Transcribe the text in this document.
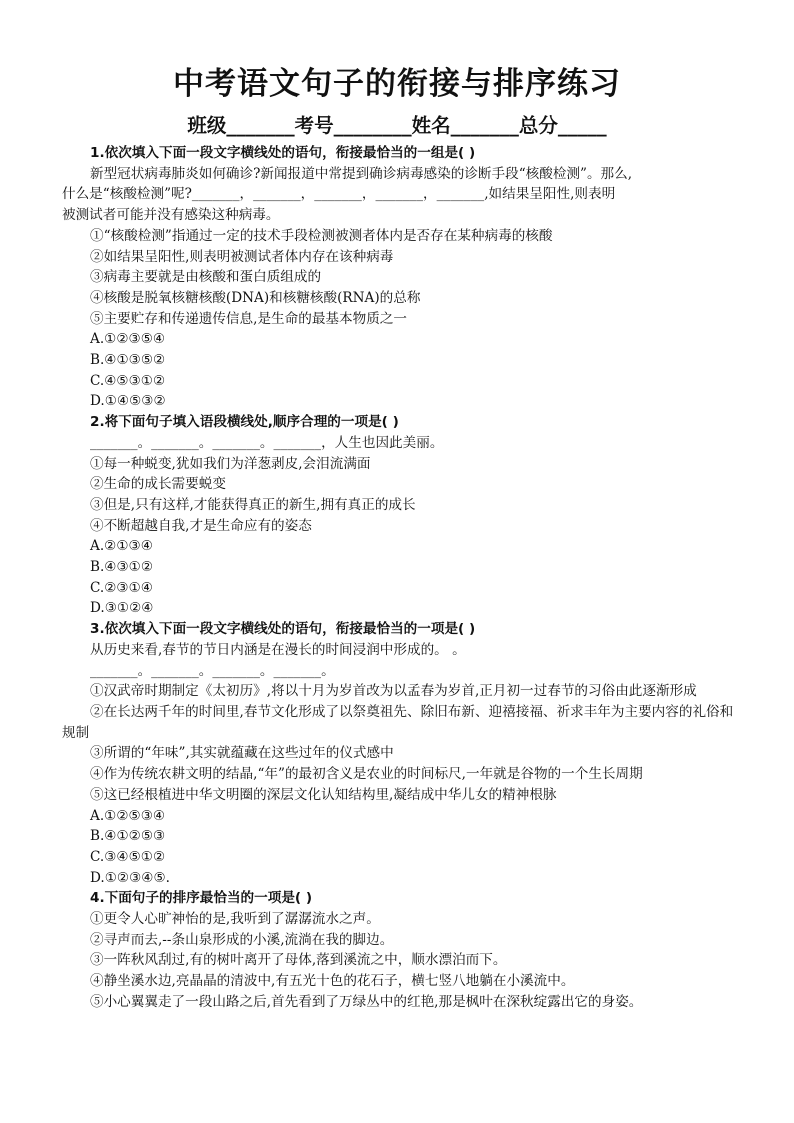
中考语文句子的衔接与排序练习
班级_______考号________姓名_______总分_____
1.依次填入下面一段文字横线处的语句，衔接最恰当的一组是( )
新型冠状病毒肺炎如何确诊?新闻报道中常提到确诊病毒感染的诊断手段“核酸检测”。那么,
什么是“核酸检测”呢?_______，_______，_______，_______，_______,如结果呈阳性,则表明
被测试者可能并没有感染这种病毒。
①“核酸检测”指通过一定的技术手段检测被测者体内是否存在某种病毒的核酸
②如结果呈阳性,则表明被测试者体内存在该种病毒
③病毒主要就是由核酸和蛋白质组成的
④核酸是脱氧核糖核酸(DNA)和核糖核酸(RNA)的总称
⑤主要贮存和传递遗传信息,是生命的最基本物质之一
A.①②③⑤④
B.④①③⑤②
C.④⑤③①②
D.①④⑤③②
2.将下面句子填入语段横线处,顺序合理的一项是( )
_______。_______。_______。_______，人生也因此美丽。
①每一种蜕变,犹如我们为洋葱剥皮,会泪流满面
②生命的成长需要蜕变
③但是,只有这样,才能获得真正的新生,拥有真正的成长
④不断超越自我,才是生命应有的姿态
A.②①③④
B.④③①②
C.②③①④
D.③①②④
3.依次填入下面一段文字横线处的语句，衔接最恰当的一项是( )
从历史来看,春节的节日内涵是在漫长的时间浸润中形成的。 。
_______。_______。_______。_______。
①汉武帝时期制定《太初历》,将以十月为岁首改为以孟春为岁首,正月初一过春节的习俗由此逐渐形成
②在长达两千年的时间里,春节文化形成了以祭奠祖先、除旧布新、迎禧接福、祈求丰年为主要内容的礼俗和规制
③所谓的“年味”,其实就蕴藏在这些过年的仪式感中
④作为传统农耕文明的结晶,“年”的最初含义是农业的时间标尺,一年就是谷物的一个生长周期
⑤这已经根植进中华文明圈的深层文化认知结构里,凝结成中华儿女的精神根脉
A.①②⑤③④
B.④①②⑤③
C.③④⑤①②
D.①②③④⑤.
4.下面句子的排序最恰当的一项是( )
①更令人心旷神怡的是,我听到了潺潺流水之声。
②寻声而去,--条山泉形成的小溪,流淌在我的脚边。
③一阵秋风刮过,有的树叶离开了母体,落到溪流之中，顺水漂泊而下。
④静坐溪水边,亮晶晶的清波中,有五光十色的花石子，横七竖八地躺在小溪流中。
⑤小心翼翼走了一段山路之后,首先看到了万绿丛中的红艳,那是枫叶在深秋绽露出它的身姿。
